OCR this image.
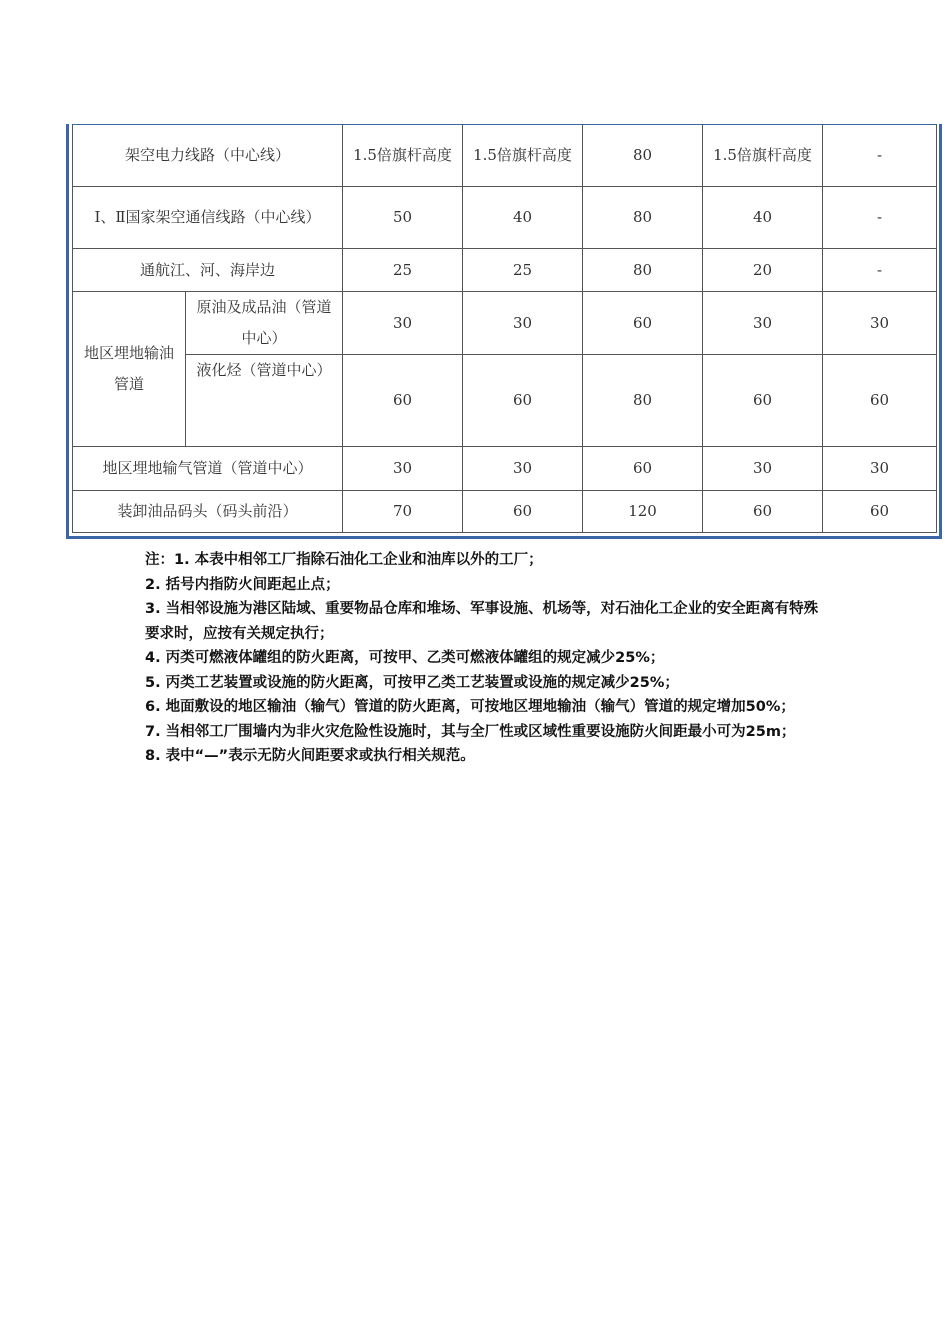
架空电力线路（中心线）		1.5倍旗杆高度	1.5倍旗杆高度	80	1.5倍旗杆高度	-
Ⅰ、Ⅱ国家架空通信线路（中心线）		50	40	80	40	-
通航江、河、海岸边		25	25	80	20	-
地区埋地输油管道	原油及成品油（管道中心）	30	30	60	30	30
	液化烃（管道中心）	60	60	80	60	60
地区埋地输气管道（管道中心）		30	30	60	30	30
装卸油品码头（码头前沿）		70	60	120	60	60

注：1. 本表中相邻工厂指除石油化工企业和油库以外的工厂；

2. 括号内指防火间距起止点；

3. 当相邻设施为港区陆域、重要物品仓库和堆场、军事设施、机场等，对石油化工企业的安全距离有特殊要求时，应按有关规定执行；

4. 丙类可燃液体罐组的防火距离，可按甲、乙类可燃液体罐组的规定减少25%；

5. 丙类工艺装置或设施的防火距离，可按甲乙类工艺装置或设施的规定减少25%；

6. 地面敷设的地区输油（输气）管道的防火距离，可按地区埋地输油（输气）管道的规定增加50%；

7. 当相邻工厂围墙内为非火灾危险性设施时，其与全厂性或区域性重要设施防火间距最小可为25m；

8. 表中“—”表示无防火间距要求或执行相关规范。
